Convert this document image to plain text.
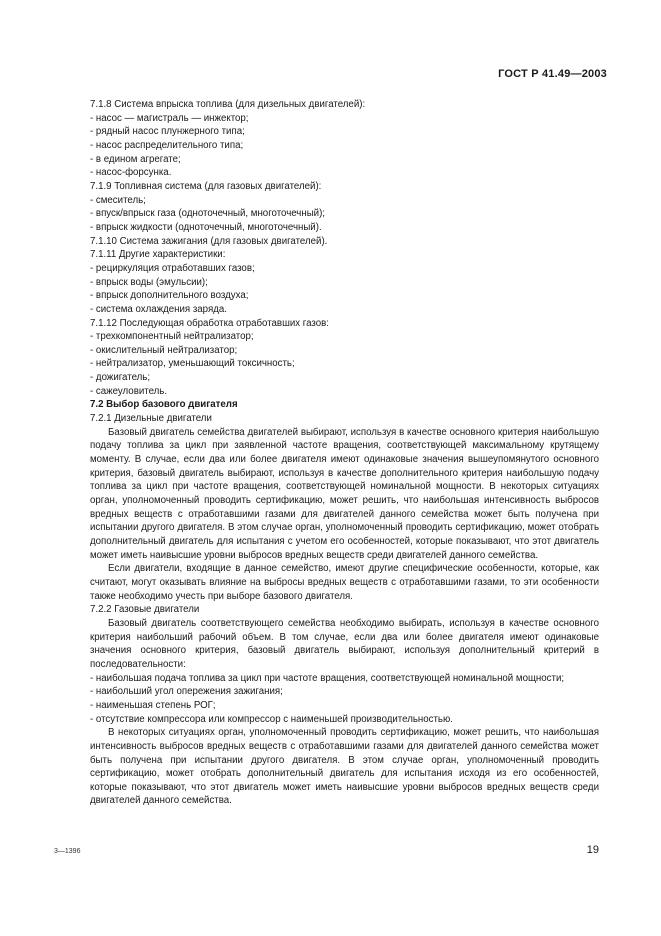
ГОСТ Р 41.49—2003

7.1.8 Система впрыска топлива (для дизельных двигателей):

- насос — магистраль — инжектор;

- рядный насос плунжерного типа;

- насос распределительного типа;

- в едином агрегате;

- насос-форсунка.

7.1.9 Топливная система (для газовых двигателей):

- смеситель;

- впуск/впрыск газа (одноточечный, многоточечный);

- впрыск жидкости (одноточечный, многоточечный).

7.1.10 Система зажигания (для газовых двигателей).

7.1.11 Другие характеристики:

- рециркуляция отработавших газов;

- впрыск воды (эмульсии);

- впрыск дополнительного воздуха;

- система охлаждения заряда.

7.1.12 Последующая обработка отработавших газов:

- трехкомпонентный нейтрализатор;

- окислительный нейтрализатор;

- нейтрализатор, уменьшающий токсичность;

- дожигатель;

- сажеуловитель.

7.2 Выбор базового двигателя

7.2.1 Дизельные двигатели

Базовый двигатель семейства двигателей выбирают, используя в качестве основного критерия наибольшую подачу топлива за цикл при заявленной частоте вращения, соответствующей максимальному крутящему моменту. В случае, если два или более двигателя имеют одинаковые значения вышеупомянутого основного критерия, базовый двигатель выбирают, используя в качестве дополнительного критерия наибольшую подачу топлива за цикл при частоте вращения, соответствующей номинальной мощности. В некоторых ситуациях орган, уполномоченный проводить сертификацию, может решить, что наибольшая интенсивность выбросов вредных веществ с отработавшими газами для двигателей данного семейства может быть получена при испытании другого двигателя. В этом случае орган, уполномоченный проводить сертификацию, может отобрать дополнительный двигатель для испытания с учетом его особенностей, которые показывают, что этот двигатель может иметь наивысшие уровни выбросов вредных веществ среди двигателей данного семейства.

Если двигатели, входящие в данное семейство, имеют другие специфические особенности, которые, как считают, могут оказывать влияние на выбросы вредных веществ с отработавшими газами, то эти особенности также необходимо учесть при выборе базового двигателя.

7.2.2 Газовые двигатели

Базовый двигатель соответствующего семейства необходимо выбирать, используя в качестве основного критерия наибольший рабочий объем. В том случае, если два или более двигателя имеют одинаковые значения основного критерия, базовый двигатель выбирают, используя дополнительный критерий в последовательности:

- наибольшая подача топлива за цикл при частоте вращения, соответствующей номинальной мощности;

- наибольший угол опережения зажигания;

- наименьшая степень РОГ;

- отсутствие компрессора или компрессор с наименьшей производительностью.

В некоторых ситуациях орган, уполномоченный проводить сертификацию, может решить, что наибольшая интенсивность выбросов вредных веществ с отработавшими газами для двигателей данного семейства может быть получена при испытании другого двигателя. В этом случае орган, уполномоченный проводить сертификацию, может отобрать дополнительный двигатель для испытания исходя из его особенностей, которые показывают, что этот двигатель может иметь наивысшие уровни выбросов вредных веществ среди двигателей данного семейства.

3—1396	19
